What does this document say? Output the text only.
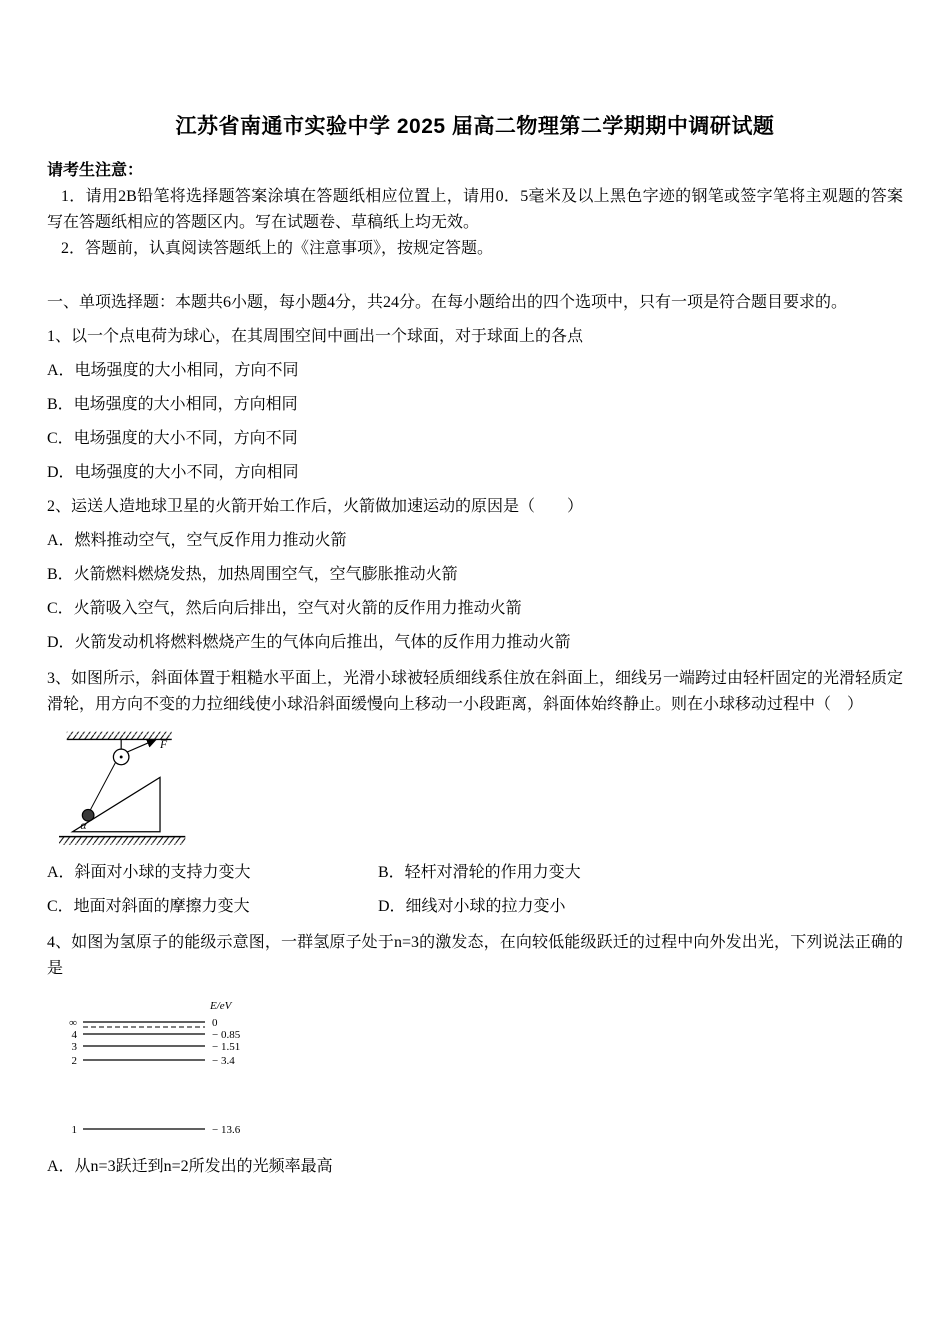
江苏省南通市实验中学 2025 届高二物理第二学期期中调研试题

请考生注意：

1．请用2B铅笔将选择题答案涂填在答题纸相应位置上，请用0．5毫米及以上黑色字迹的钢笔或签字笔将主观题的答案写在答题纸相应的答题区内。写在试题卷、草稿纸上均无效。

2．答题前，认真阅读答题纸上的《注意事项》，按规定答题。

一、单项选择题：本题共6小题，每小题4分，共24分。在每小题给出的四个选项中，只有一项是符合题目要求的。

1、以一个点电荷为球心，在其周围空间中画出一个球面，对于球面上的各点

A．电场强度的大小相同，方向不同

B．电场强度的大小相同，方向相同

C．电场强度的大小不同，方向不同

D．电场强度的大小不同，方向相同

2、运送人造地球卫星的火箭开始工作后，火箭做加速运动的原因是（　　）

A．燃料推动空气，空气反作用力推动火箭

B．火箭燃料燃烧发热，加热周围空气，空气膨胀推动火箭

C．火箭吸入空气，然后向后排出，空气对火箭的反作用力推动火箭

D．火箭发动机将燃料燃烧产生的气体向后推出，气体的反作用力推动火箭

3、如图所示，斜面体置于粗糙水平面上，光滑小球被轻质细线系住放在斜面上，细线另一端跨过由轻杆固定的光滑轻质定滑轮，用方向不变的力拉细线使小球沿斜面缓慢向上移动一小段距离，斜面体始终静止。则在小球移动过程中（　）

F
α

A．斜面对小球的支持力变大	B．轻杆对滑轮的作用力变大

C．地面对斜面的摩擦力变大	D．细线对小球的拉力变小

4、如图为氢原子的能级示意图，一群氢原子处于n=3的激发态，在向较低能级跃迁的过程中向外发出光，下列说法正确的是

E/eV
∞	0
4	− 0.85
3	− 1.51
2	− 3.4
1	− 13.6

A．从n=3跃迁到n=2所发出的光频率最高
